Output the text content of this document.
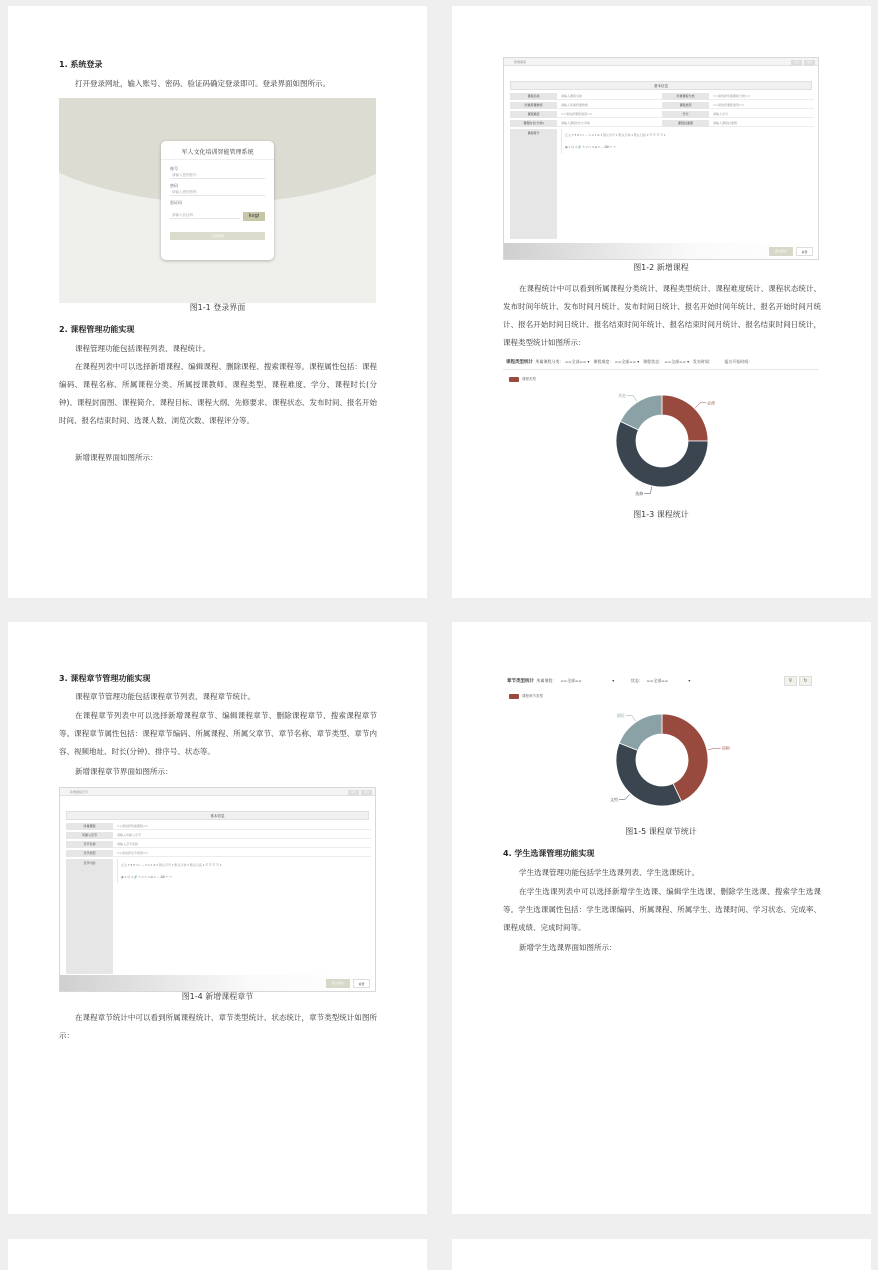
1. 系统登录
打开登录网址，输入账号、密码、验证码确定登录即可。登录界面如图所示。
军人文化培训智能管理系统
账号
请输入您的账号
密码
请输入您的密码
验证码
请输入验证码	kvgi
立即登录
图1-1 登录界面
2. 课程管理功能实现
课程管理功能包括课程列表、课程统计。
在课程列表中可以选择新增课程、编辑课程、删除课程、搜索课程等。课程属性包括：课程编码、课程名称、所属课程分类、所属授课教师、课程类型、课程难度、学分、课程时长(分钟)、课程封面图、课程简介、课程目标、课程大纲、先修要求、课程状态、发布时间、报名开始时间、报名结束时间、选课人数、浏览次数、课程评分等。
新增课程界面如图所示：
新增课程	保存	返回
基本信息
课程名称	请输入课程名称	所属课程分类	==请选择所属课程分类==
所属授课教师	请输入所属授课教师	课程类型	==请选择课程类型==
课程难度	==请选择课程难度==	学分	请输入学分
课程时长(分钟)	请输入课程时长(分钟)	课程封面图	请输入课程封面图
课程简介	正文 ▾ ¶ B U I — ▾ A ▾ ⊕ ▾ 默认字号 ▾ 默认字体 ▾ 默认行高 ▾ ☰ ☰ ☰ ☰ ▾
▣ ▾ ☺ ▾ 🔗 ✎ ▾ ▭ ▾ ⊞ ▾ ― ⌨ ↶ ↷
提交保存	重置
图1-2 新增课程
在课程统计中可以看到所属课程分类统计、课程类型统计、课程难度统计、课程状态统计、发布时间年统计、发布时间月统计、发布时间日统计、报名开始时间年统计、报名开始时间月统计、报名开始时间日统计、报名结束时间年统计、报名结束时间月统计、报名结束时间日统计，课程类型统计如图所示：
课程类型统计 所属课程分类： ==全部== ▾   课程难度： ==全部== ▾   课程状态： ==全部== ▾   发布时间：	报名开始时间：
课程类型
必修
选修
其他
图1-3 课程统计
3. 课程章节管理功能实现
课程章节管理功能包括课程章节列表、课程章节统计。
在课程章节列表中可以选择新增课程章节、编辑课程章节、删除课程章节、搜索课程章节等。课程章节属性包括：课程章节编码、所属课程、所属父章节、章节名称、章节类型、章节内容、视频地址、时长(分钟)、排序号、状态等。
新增课程章节界面如图所示：
新增课程章节	保存	返回
基本信息
所属课程	==请选择所属课程==
所属父章节	请输入所属父章节
章节名称	请输入章节名称
章节类型	==请选择章节类型==
章节内容	正文 ▾ ¶ B U I — ▾ A ▾ ⊕ ▾ 默认字号 ▾ 默认字体 ▾ 默认行高 ▾ ☰ ☰ ☰ ☰ ▾
▣ ▾ ☺ ▾ 🔗 ✎ ▾ ▭ ▾ ⊞ ▾ ― ⌨ ↶ ↷
提交保存	重置
图1-4 新增课程章节
在课程章节统计中可以看到所属课程统计、章节类型统计、状态统计，章节类型统计如图所示：
章节类型统计 所属课程： ==全部==                        ▾             状态： ==全部==                ▾	⚲	↻
课程章节类型
视频
文档
测验
图1-5 课程章节统计
4. 学生选课管理功能实现
学生选课管理功能包括学生选课列表、学生选课统计。
在学生选课列表中可以选择新增学生选课、编辑学生选课、删除学生选课、搜索学生选课等。学生选课属性包括：学生选课编码、所属课程、所属学生、选课时间、学习状态、完成率、课程成绩、完成时间等。
新增学生选课界面如图所示：
